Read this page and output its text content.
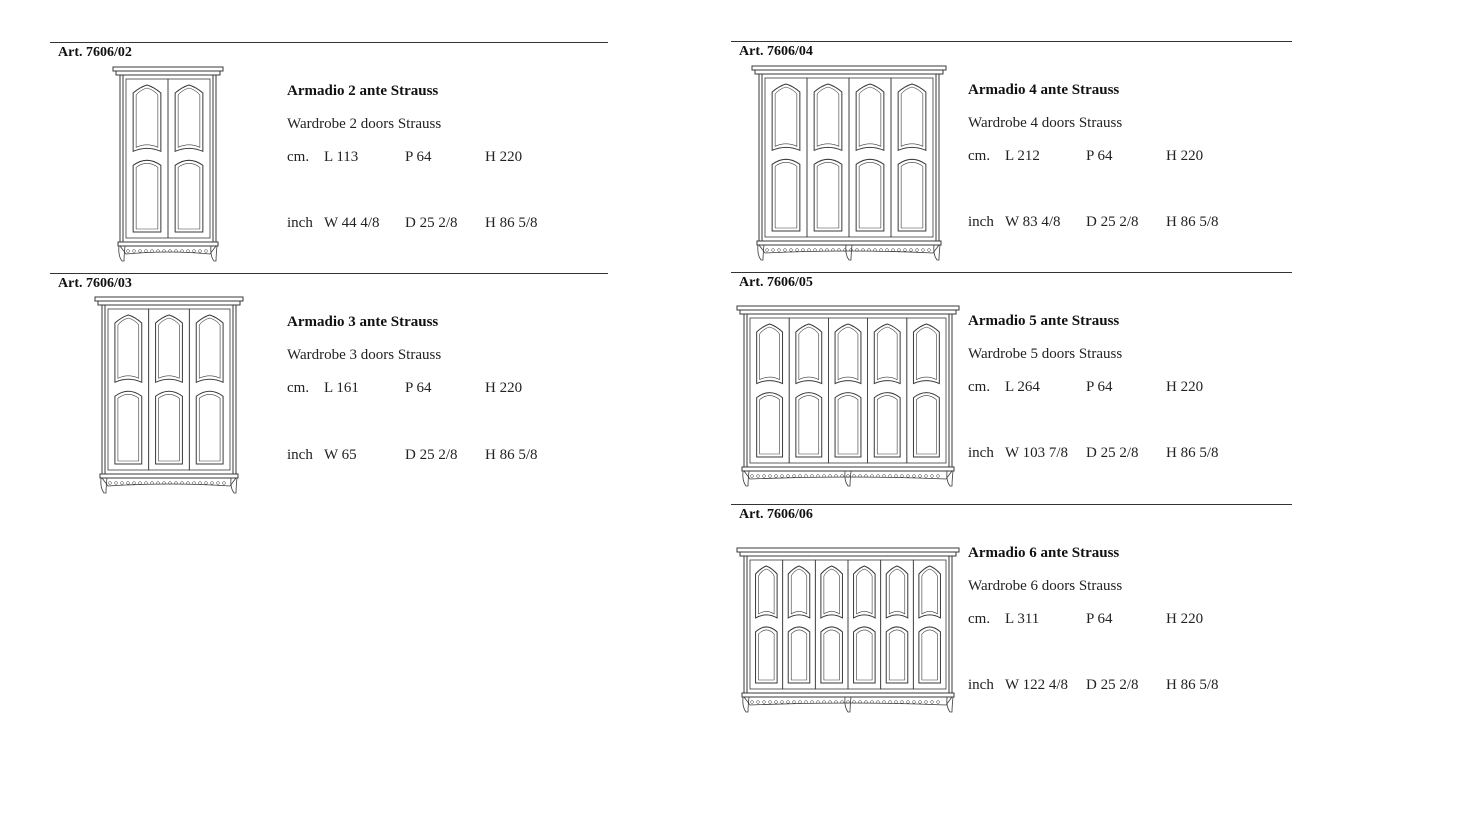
Art. 7606/02
Armadio 2 ante Strauss
Wardrobe 2 doors Strauss
cm. L 113	P 64	H 220
inch W 44 4/8 D 25 2/8 H 86 5/8
Art. 7606/03
Armadio 3 ante Strauss
Wardrobe 3 doors Strauss
cm. L 161	P 64	H 220
inch W 65	D 25 2/8 H 86 5/8
Art. 7606/04
Armadio 4 ante Strauss
Wardrobe 4 doors Strauss
cm. L 212	P 64	H 220
inch W 83 4/8 D 25 2/8 H 86 5/8
Art. 7606/05
Armadio 5 ante Strauss
Wardrobe 5 doors Strauss
cm. L 264	P 64	H 220
inch W 103 7/8 D 25 2/8 H 86 5/8
Art. 7606/06
Armadio 6 ante Strauss
Wardrobe 6 doors Strauss
cm. L 311	P 64	H 220
inch W 122 4/8 D 25 2/8 H 86 5/8
